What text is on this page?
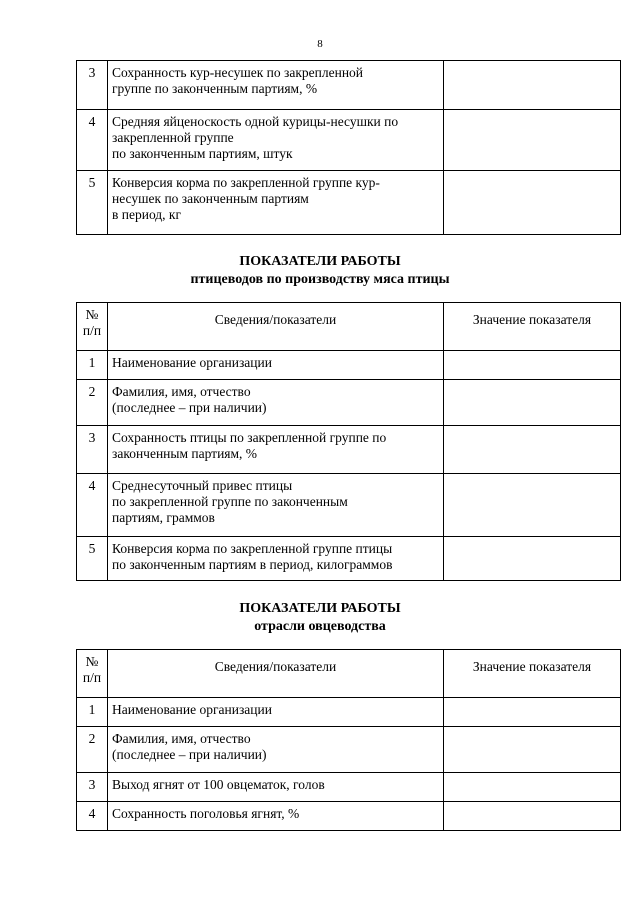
8
3	Сохранность кур-несушек по закрепленной
группе по законченным партиям, %	

4	Средняя яйценоскость одной курицы-несушки по
закрепленной группе
по законченным партиям, штук	

5	Конверсия корма по закрепленной группе кур-
несушек по законченным партиям
в период, кг	

ПОКАЗАТЕЛИ РАБОТЫ
птицеводов по производству мяса птицы
№
п/п	Сведения/показатели	Значение показателя
1	Наименование организации	

2	Фамилия, имя, отчество
(последнее – при наличии)	

3	Сохранность птицы по закрепленной группе по
законченным партиям, %	

4	Среднесуточный привес птицы
по закрепленной группе по законченным
партиям, граммов	

5	Конверсия корма по закрепленной группе птицы
по законченным партиям в период, килограммов	

ПОКАЗАТЕЛИ РАБОТЫ
отрасли овцеводства
№
п/п	Сведения/показатели	Значение показателя
1	Наименование организации	

2	Фамилия, имя, отчество
(последнее – при наличии)	

3	Выход ягнят от 100 овцематок, голов	

4	Сохранность поголовья ягнят, %	
